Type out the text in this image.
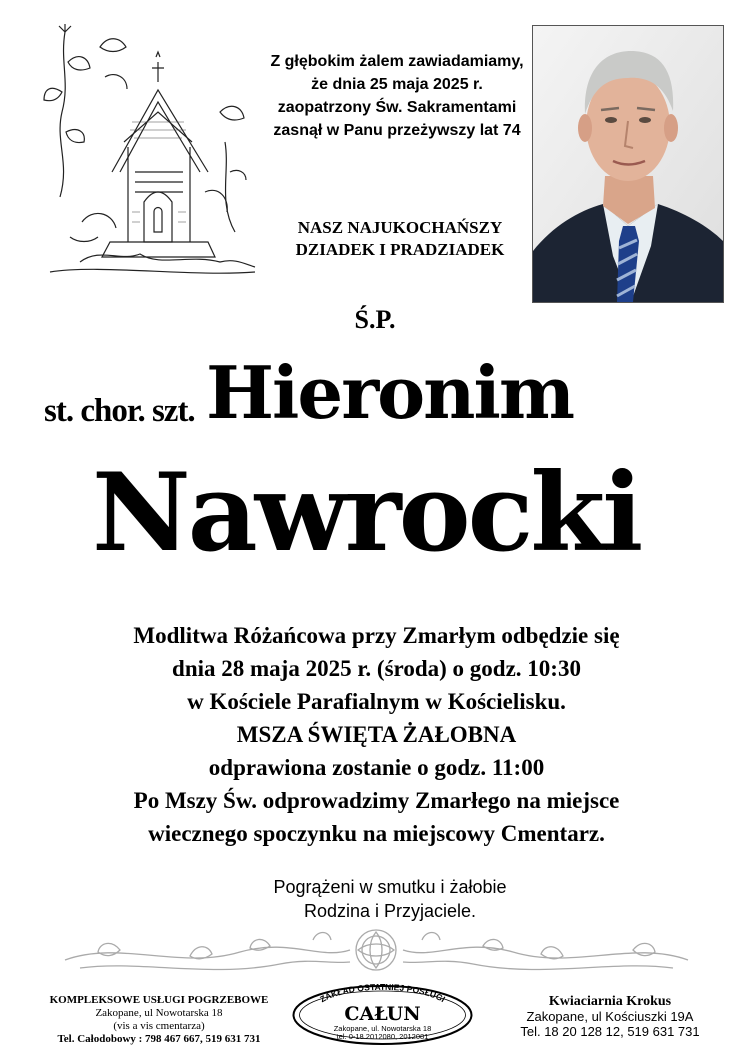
Z głębokim żalem zawiadamiamy,
że dnia 25 maja 2025 r.
zaopatrzony Św. Sakramentami
zasnął w Panu przeżywszy lat 74
NASZ NAJUKOCHAŃSZY
DZIADEK I PRADZIADEK
Ś.P.
st. chor. szt. Hieronim
Nawrocki
Modlitwa Różańcowa przy Zmarłym odbędzie się
dnia 28 maja 2025 r. (środa) o godz. 10:30
w Kościele Parafialnym w Kościelisku.
MSZA ŚWIĘTA ŻAŁOBNA
odprawiona zostanie o godz. 11:00
Po Mszy Św. odprowadzimy Zmarłego na miejsce
wiecznego spoczynku na miejscowy Cmentarz.
Pogrążeni w smutku i żałobie
Rodzina i Przyjaciele.
KOMPLEKSOWE USŁUGI POGRZEBOWE
Zakopane, ul Nowotarska 18
(vis a vis cmentarza)
Tel. Całodobowy : 798 467 667, 519 631 731
ZAKŁAD OSTATNIEJ POSŁUGI
CAŁUN
Zakopane, ul. Nowotarska 18
tel. 0-18 2012080, 2012081
Kwiaciarnia Krokus
Zakopane, ul Kościuszki 19A
Tel. 18 20 128 12, 519 631 731
